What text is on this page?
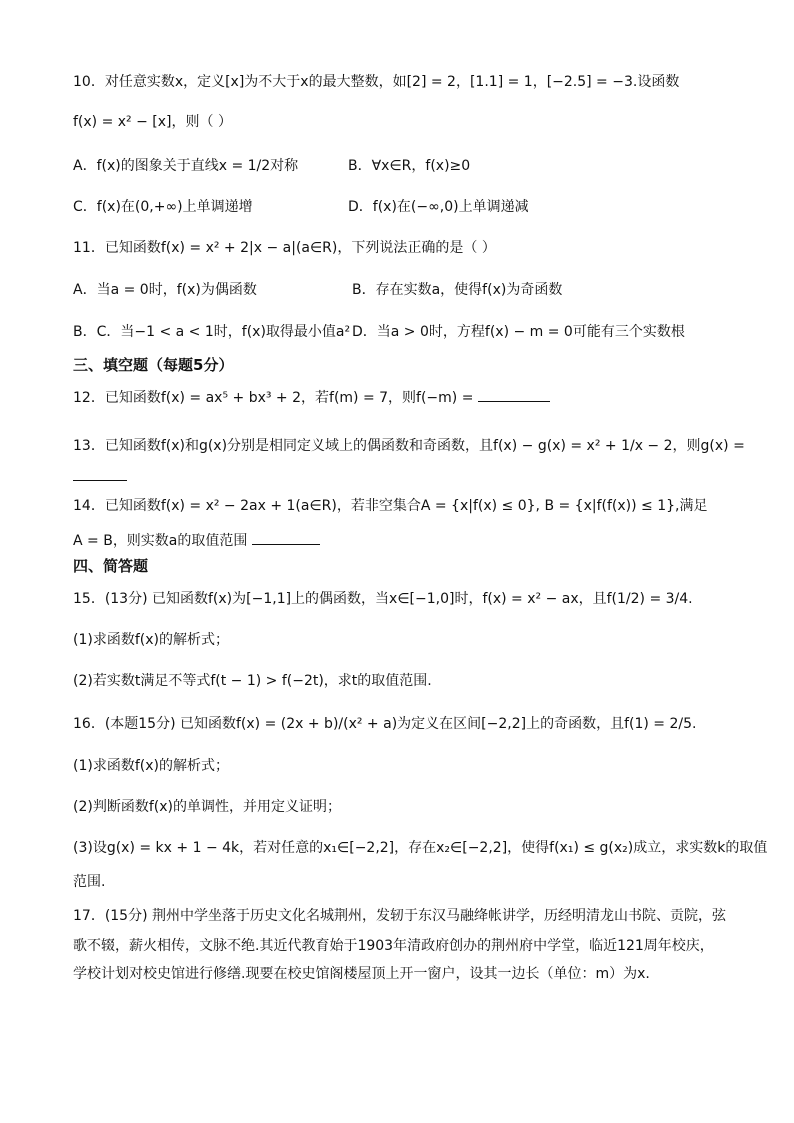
10．对任意实数x，定义[x]为不大于x的最大整数，如[2] = 2，[1.1] = 1，[−2.5] = −3.设函数
f(x) = x² − [x]，则（ ）
A．f(x)的图象关于直线x = 1/2对称	B．∀x∈R，f(x)≥0
C．f(x)在(0,+∞)上单调递增	D．f(x)在(−∞,0)上单调递减
11．已知函数f(x) = x² + 2|x − a|(a∈R)，下列说法正确的是（ ）
A．当a = 0时，f(x)为偶函数	B．存在实数a，使得f(x)为奇函数
B．C．当−1 < a < 1时，f(x)取得最小值a² D．当a > 0时，方程f(x) − m = 0可能有三个实数根
三、填空题（每题5分）
12．已知函数f(x) = ax⁵ + bx³ + 2，若f(m) = 7，则f(−m) =
13．已知函数f(x)和g(x)分别是相同定义域上的偶函数和奇函数，且f(x) − g(x) = x² + 1/x − 2，则g(x) =
14．已知函数f(x) = x² − 2ax + 1(a∈R)，若非空集合A = {x|f(x) ≤ 0}, B = {x|f(f(x)) ≤ 1},满足
A = B，则实数a的取值范围
四、简答题
15．(13分) 已知函数f(x)为[−1,1]上的偶函数，当x∈[−1,0]时，f(x) = x² − ax，且f(1/2) = 3/4.
(1)求函数f(x)的解析式；
(2)若实数t满足不等式f(t − 1) > f(−2t)，求t的取值范围.
16．(本题15分) 已知函数f(x) = (2x + b)/(x² + a)为定义在区间[−2,2]上的奇函数，且f(1) = 2/5.
(1)求函数f(x)的解析式；
(2)判断函数f(x)的单调性，并用定义证明；
(3)设g(x) = kx + 1 − 4k，若对任意的x₁∈[−2,2]，存在x₂∈[−2,2]，使得f(x₁) ≤ g(x₂)成立，求实数k的取值
范围.
17．(15分) 荆州中学坐落于历史文化名城荆州，发轫于东汉马融绛帐讲学，历经明清龙山书院、贡院，弦
歌不辍，薪火相传，文脉不绝.其近代教育始于1903年清政府创办的荆州府中学堂，临近121周年校庆，
学校计划对校史馆进行修缮.现要在校史馆阁楼屋顶上开一窗户，设其一边长（单位：m）为x.
